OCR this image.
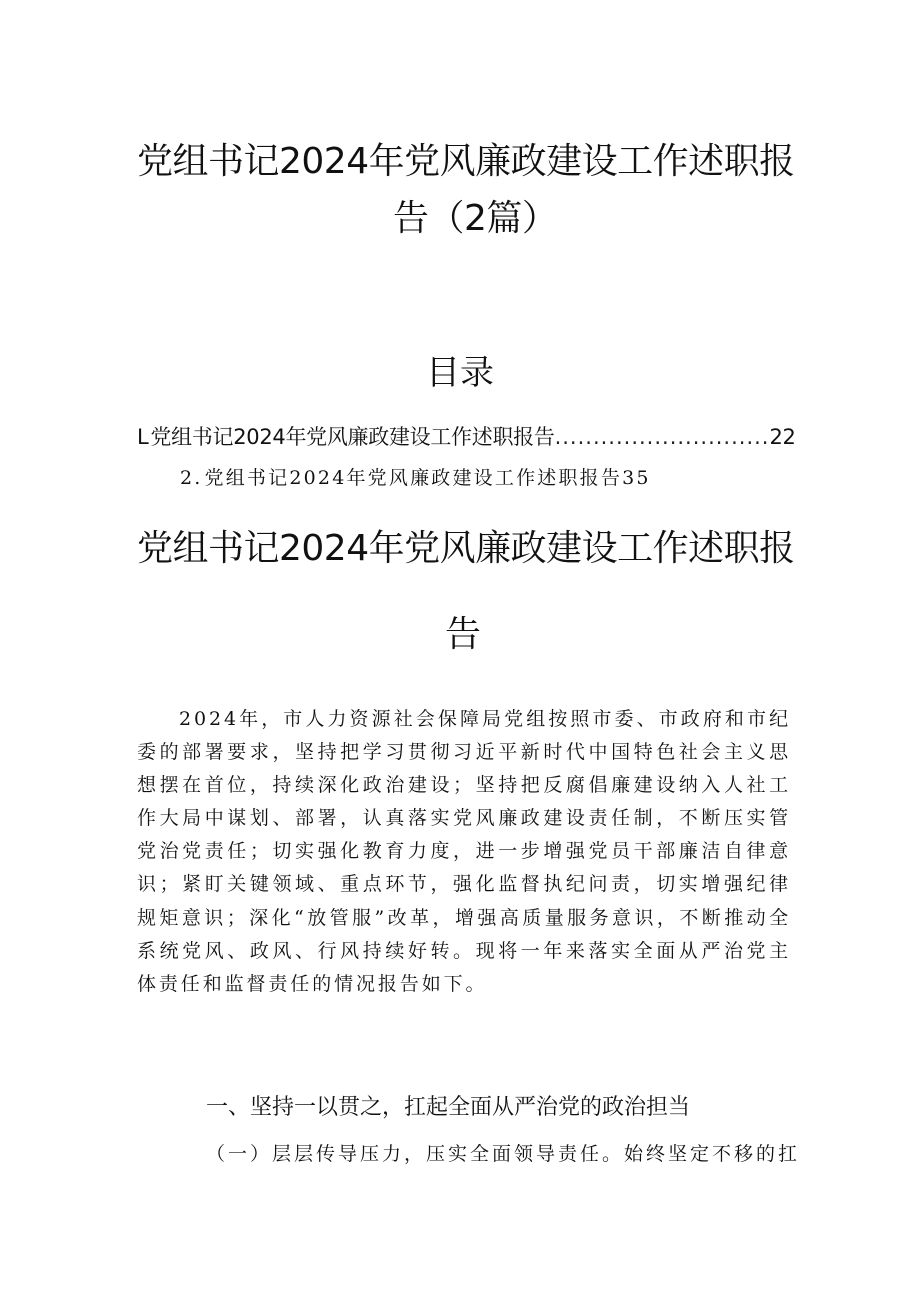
党组书记2024年党风廉政建设工作述职报
告（2篇）
目录
L党组书记2024年党风廉政建设工作述职报告............................22
2. 党组书记2024年党风廉政建设工作述职报告35
党组书记2024年党风廉政建设工作述职报
告

2024年，市人力资源社会保障局党组按照市委、市政府和市纪委的部署要求，坚持把学习贯彻习近平新时代中国特色社会主义思想摆在首位，持续深化政治建设；坚持把反腐倡廉建设纳入人社工作大局中谋划、部署，认真落实党风廉政建设责任制，不断压实管党治党责任；切实强化教育力度，进一步增强党员干部廉洁自律意识；紧盯关键领域、重点环节，强化监督执纪问责，切实增强纪律规矩意识；深化“放管服”改革，增强高质量服务意识，不断推动全系统党风、政风、行风持续好转。现将一年来落实全面从严治党主体责任和监督责任的情况报告如下。

一、坚持一以贯之，扛起全面从严治党的政治担当

（一）层层传导压力，压实全面领导责任。始终坚定不移的扛
